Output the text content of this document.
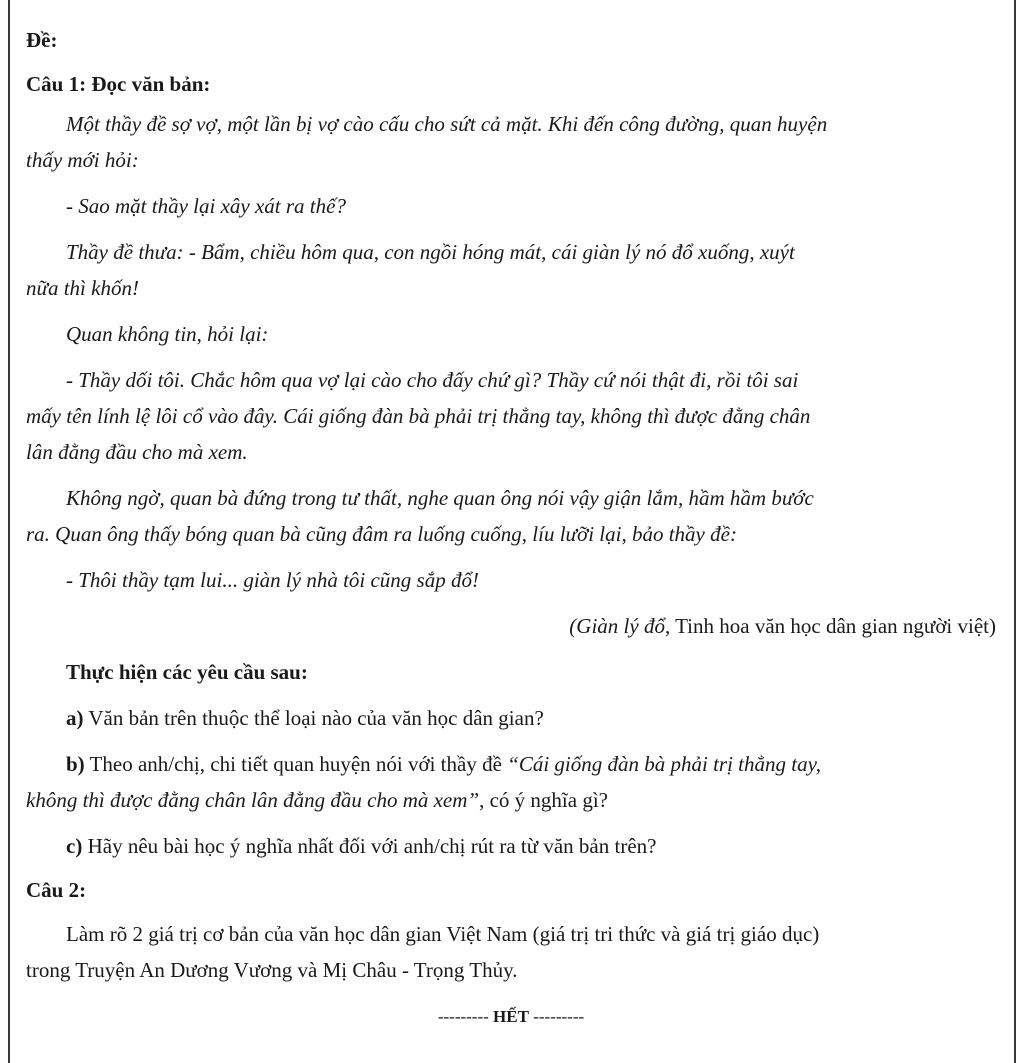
Đề:
Câu 1: Đọc văn bản:
Một thầy đề sợ vợ, một lần bị vợ cào cấu cho sứt cả mặt. Khi đến công đường, quan huyện
thấy mới hỏi:
- Sao mặt thầy lại xây xát ra thế?
Thầy đề thưa: - Bẩm, chiều hôm qua, con ngồi hóng mát, cái giàn lý nó đổ xuống, xuýt
nữa thì khốn!
Quan không tin, hỏi lại:
- Thầy dối tôi. Chắc hôm qua vợ lại cào cho đấy chứ gì? Thầy cứ nói thật đi, rồi tôi sai
mấy tên lính lệ lôi cổ vào đây. Cái giống đàn bà phải trị thẳng tay, không thì được đằng chân
lân đằng đầu cho mà xem.
Không ngờ, quan bà đứng trong tư thất, nghe quan ông nói vậy giận lắm, hầm hầm bước
ra. Quan ông thấy bóng quan bà cũng đâm ra luống cuống, líu lưỡi lại, bảo thầy đề:
- Thôi thầy tạm lui... giàn lý nhà tôi cũng sắp đổ!
(Giàn lý đổ, Tinh hoa văn học dân gian người việt)
Thực hiện các yêu cầu sau:
a) Văn bản trên thuộc thể loại nào của văn học dân gian?
b) Theo anh/chị, chi tiết quan huyện nói với thầy đề “Cái giống đàn bà phải trị thẳng tay,
không thì được đằng chân lân đằng đầu cho mà xem”, có ý nghĩa gì?
c) Hãy nêu bài học ý nghĩa nhất đối với anh/chị rút ra từ văn bản trên?
Câu 2:
Làm rõ 2 giá trị cơ bản của văn học dân gian Việt Nam (giá trị tri thức và giá trị giáo dục)
trong Truyện An Dương Vương và Mị Châu - Trọng Thủy.
--------- HẾT ---------
